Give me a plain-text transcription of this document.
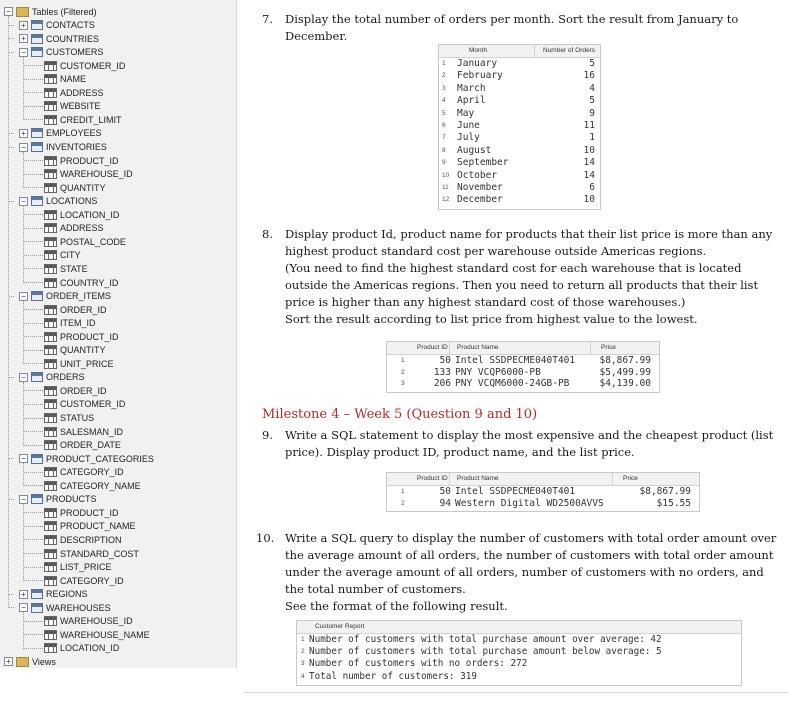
− Tables (Filtered)
+ CONTACTS
+ COUNTRIES
− CUSTOMERS
CUSTOMER_ID
NAME
ADDRESS
WEBSITE
CREDIT_LIMIT
+ EMPLOYEES
− INVENTORIES
PRODUCT_ID
WAREHOUSE_ID
QUANTITY
− LOCATIONS
LOCATION_ID
ADDRESS
POSTAL_CODE
CITY
STATE
COUNTRY_ID
− ORDER_ITEMS
ORDER_ID
ITEM_ID
PRODUCT_ID
QUANTITY
UNIT_PRICE
− ORDERS
ORDER_ID
CUSTOMER_ID
STATUS
SALESMAN_ID
ORDER_DATE
− PRODUCT_CATEGORIES
CATEGORY_ID
CATEGORY_NAME
− PRODUCTS
PRODUCT_ID
PRODUCT_NAME
DESCRIPTION
STANDARD_COST
LIST_PRICE
CATEGORY_ID
+ REGIONS
− WAREHOUSES
WAREHOUSE_ID
WAREHOUSE_NAME
LOCATION_ID
+ Views
7. Display the total number of orders per month. Sort the result from January to
December.
Month	Number of Orders
1 January	5
2 February	16
3 March	4
4 April	5
5 May	9
6 June	11
7 July	1
8 August	10
9 September	14
10 October	14
11 November	6
12 December	10
8. Display product Id, product name for products that their list price is more than any
highest product standard cost per warehouse outside Americas regions.
(You need to find the highest standard cost for each warehouse that is located
outside the Americas regions. Then you need to return all products that their list
price is higher than any highest standard cost of those warehouses.)
Sort the result according to list price from highest value to the lowest.
Product ID Product Name	Price
1	50 Intel SSDPECME040T401	$8,867.99
2	133 PNY VCQP6000-PB	$5,499.99
3	206 PNY VCQM6000-24GB-PB	$4,139.00
Milestone 4 – Week 5 (Question 9 and 10)
9. Write a SQL statement to display the most expensive and the cheapest product (list
price). Display product ID, product name, and the list price.
Product ID Product Name	Price
1	50 Intel SSDPECME040T401	$8,867.99
2	94 Western Digital WD2500AVVS	$15.55
10. Write a SQL query to display the number of customers with total order amount over
the average amount of all orders, the number of customers with total order amount
under the average amount of all orders, number of customers with no orders, and
the total number of customers.
See the format of the following result.
Customer Report
1 Number of customers with total purchase amount over average: 42
2 Number of customers with total purchase amount below average: 5
3 Number of customers with no orders: 272
4 Total number of customers: 319
